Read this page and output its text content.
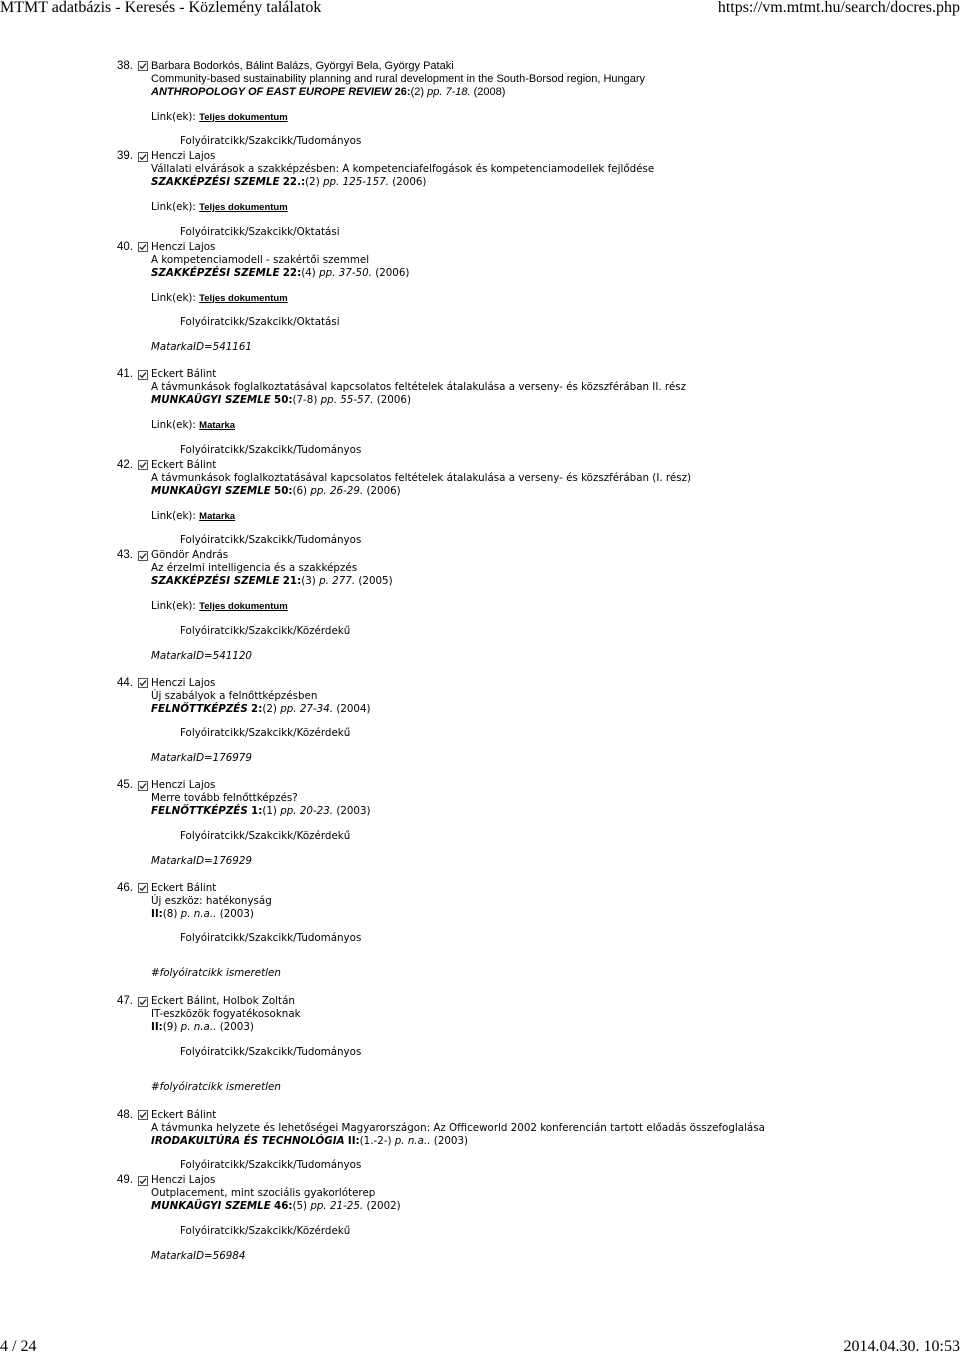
MTMT adatbázis - Keresés - Közlemény találatok	https://vm.mtmt.hu/search/docres.php
38. Barbara Bodorkós, Bálint Balázs, Györgyi Bela, György Pataki
Community-based sustainability planning and rural development in the South-Borsod region, Hungary
ANTHROPOLOGY OF EAST EUROPE REVIEW 26:(2) pp. 7-18. (2008)
Link(ek): Teljes dokumentum
Folyóiratcikk/Szakcikk/Tudományos
39. Henczi Lajos
Vállalati elvárások a szakképzésben: A kompetenciafelfogások és kompetenciamodellek fejlődése
SZAKKÉPZÉSI SZEMLE 22.:(2) pp. 125-157. (2006)
Link(ek): Teljes dokumentum
Folyóiratcikk/Szakcikk/Oktatási
40. Henczi Lajos
A kompetenciamodell - szakértői szemmel
SZAKKÉPZÉSI SZEMLE 22:(4) pp. 37-50. (2006)
Link(ek): Teljes dokumentum
Folyóiratcikk/Szakcikk/Oktatási
MatarkaID=541161
41. Eckert Bálint
A távmunkások foglalkoztatásával kapcsolatos feltételek átalakulása a verseny- és közszférában II. rész
MUNKAÜGYI SZEMLE 50:(7-8) pp. 55-57. (2006)
Link(ek): Matarka
Folyóiratcikk/Szakcikk/Tudományos
42. Eckert Bálint
A távmunkások foglalkoztatásával kapcsolatos feltételek átalakulása a verseny- és közszférában (I. rész)
MUNKAÜGYI SZEMLE 50:(6) pp. 26-29. (2006)
Link(ek): Matarka
Folyóiratcikk/Szakcikk/Tudományos
43. Göndör András
Az érzelmi intelligencia és a szakképzés
SZAKKÉPZÉSI SZEMLE 21:(3) p. 277. (2005)
Link(ek): Teljes dokumentum
Folyóiratcikk/Szakcikk/Közérdekű
MatarkaID=541120
44. Henczi Lajos
Új szabályok a felnőttképzésben
FELNŐTTKÉPZÉS 2:(2) pp. 27-34. (2004)
Folyóiratcikk/Szakcikk/Közérdekű
MatarkaID=176979
45. Henczi Lajos
Merre tovább felnőttképzés?
FELNŐTTKÉPZÉS 1:(1) pp. 20-23. (2003)
Folyóiratcikk/Szakcikk/Közérdekű
MatarkaID=176929
46. Eckert Bálint
Új eszköz: hatékonyság
II:(8) p. n.a.. (2003)
Folyóiratcikk/Szakcikk/Tudományos
#folyóiratcikk ismeretlen
47. Eckert Bálint, Holbok Zoltán
IT-eszközök fogyatékosoknak
II:(9) p. n.a.. (2003)
Folyóiratcikk/Szakcikk/Tudományos
#folyóiratcikk ismeretlen
48. Eckert Bálint
A távmunka helyzete és lehetőségei Magyarországon: Az Officeworld 2002 konferencián tartott előadás összefoglalása
IRODAKULTÚRA ÉS TECHNOLÓGIA II:(1.-2-) p. n.a.. (2003)
Folyóiratcikk/Szakcikk/Tudományos
49. Henczi Lajos
Outplacement, mint szociális gyakorlóterep
MUNKAÜGYI SZEMLE 46:(5) pp. 21-25. (2002)
Folyóiratcikk/Szakcikk/Közérdekű
MatarkaID=56984
4 / 24	2014.04.30. 10:53
